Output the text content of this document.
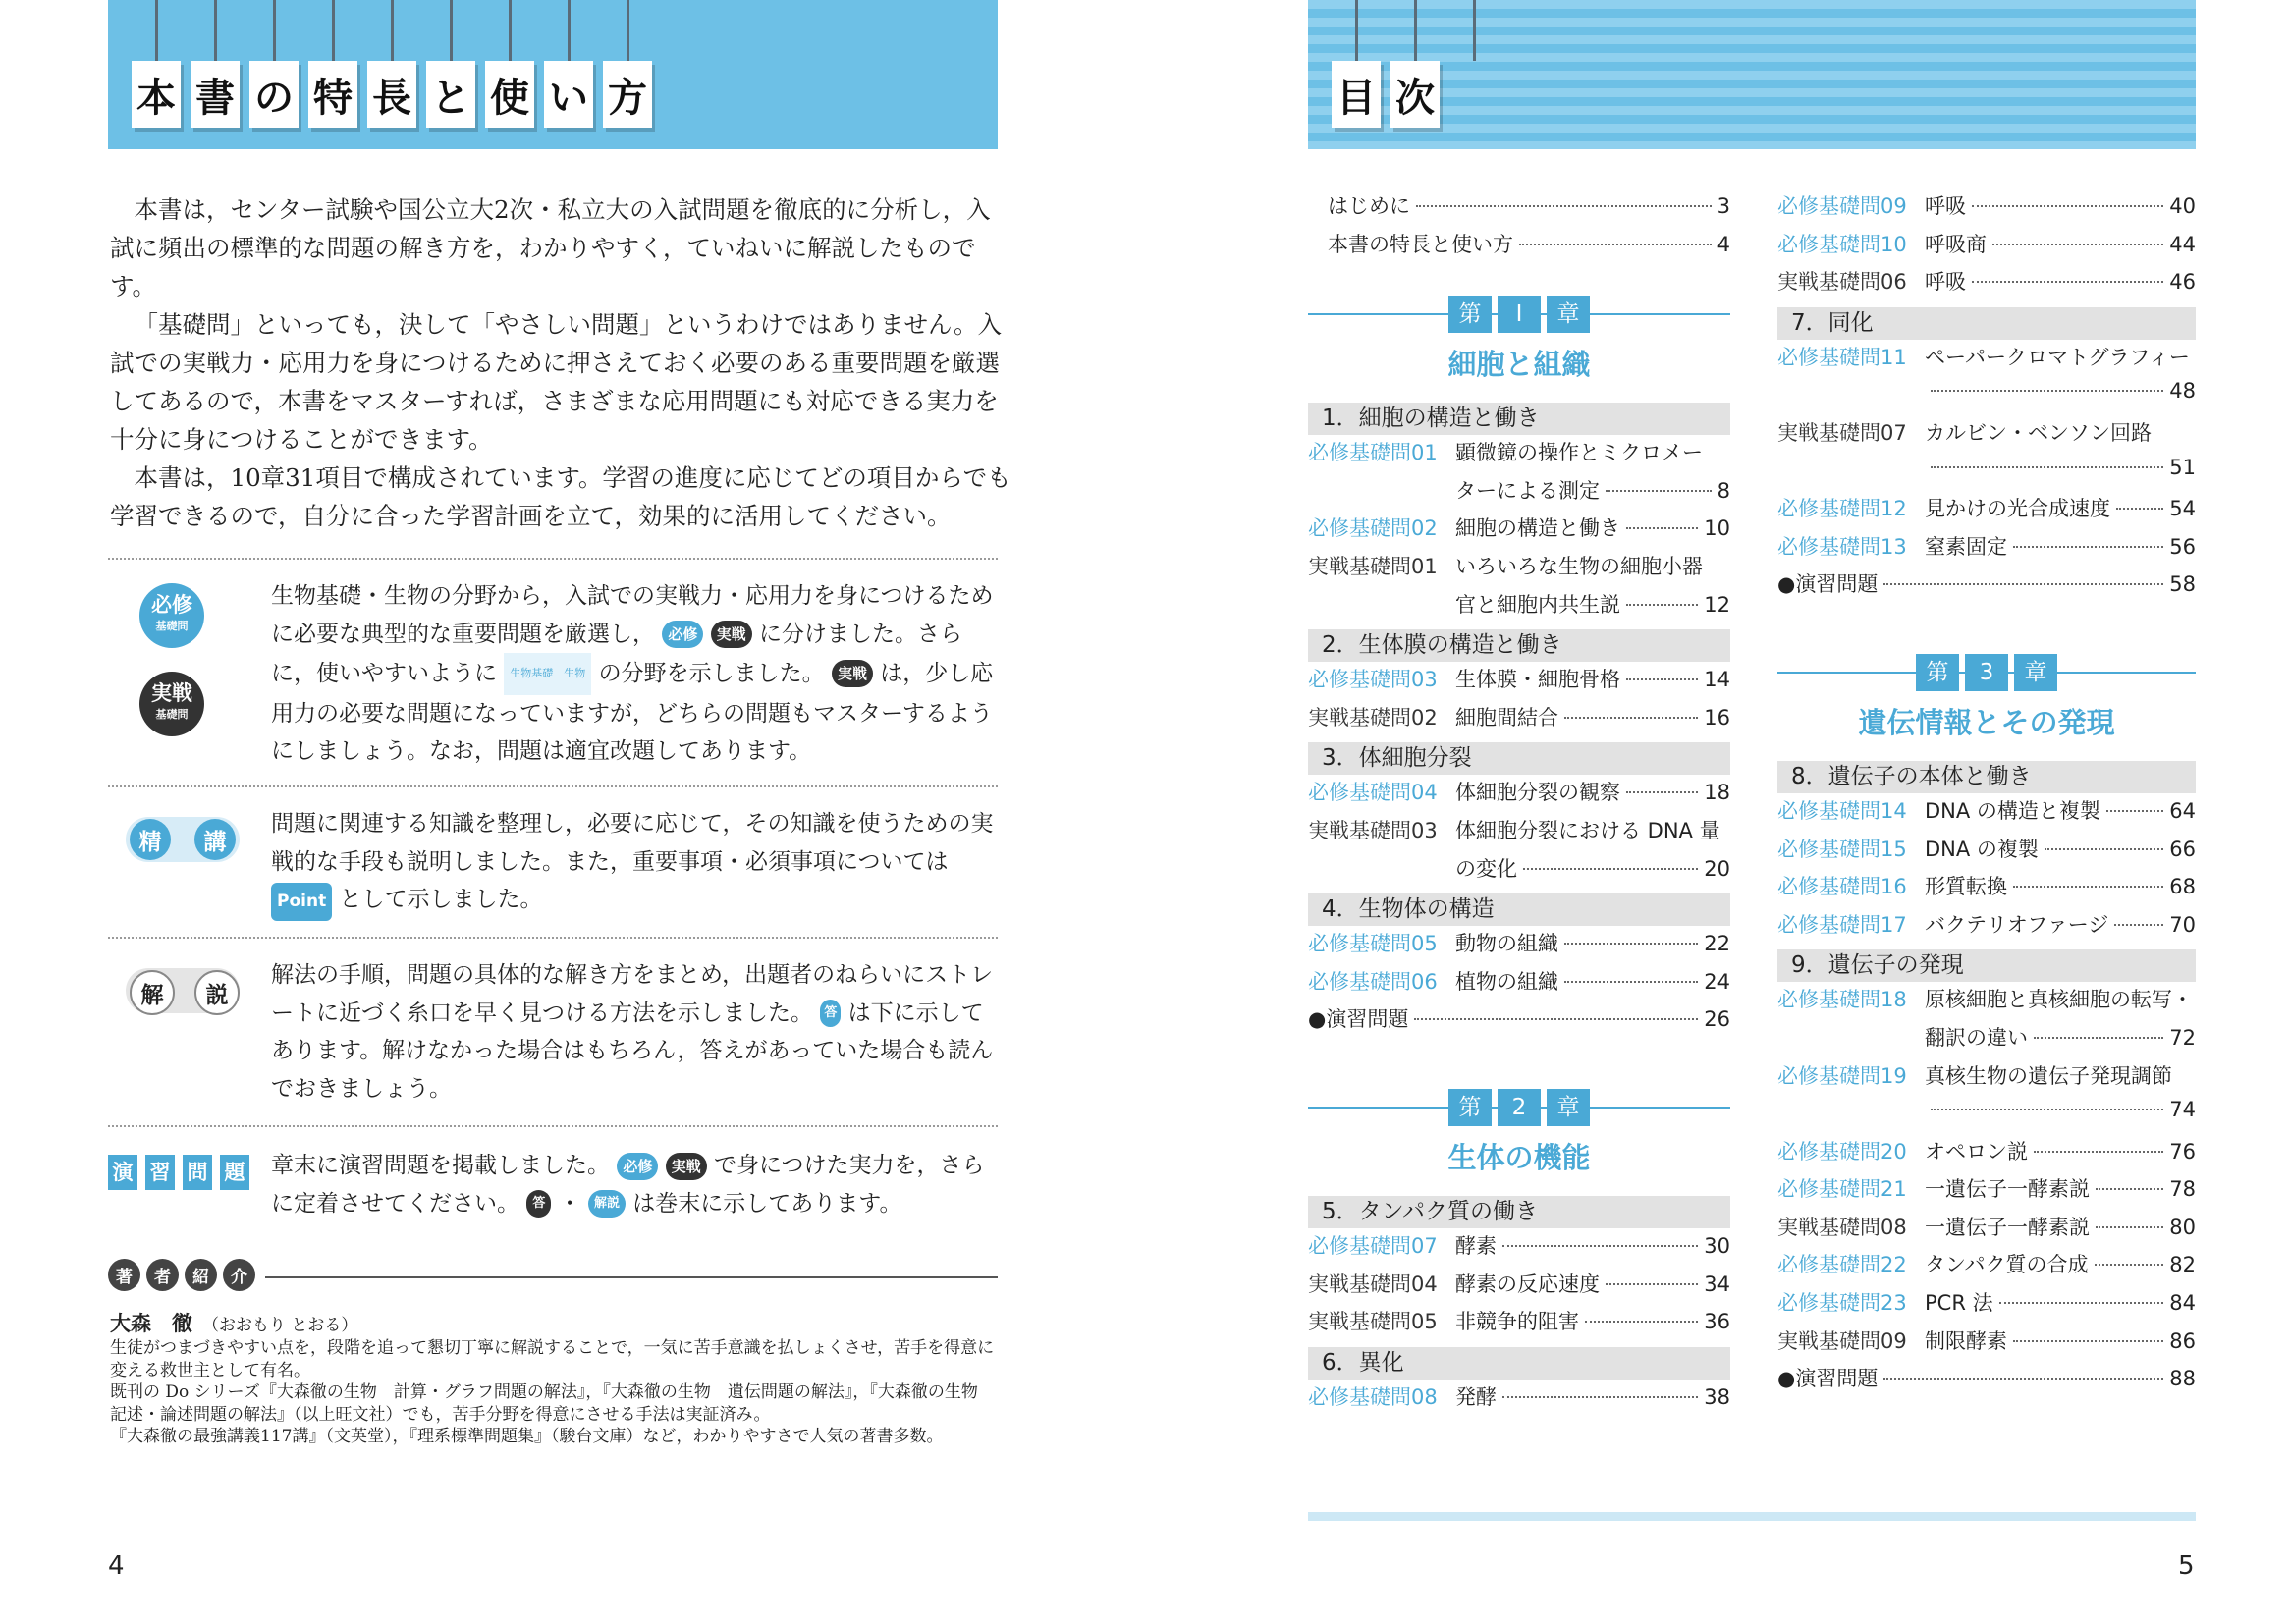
本 書 の 特 長 と 使 い 方

本書は，センター試験や国公立大2次・私立大の入試問題を徹底的に分析し，入試に頻出の標準的な問題の解き方を，わかりやすく，ていねいに解説したものです。

「基礎問」といっても，決して「やさしい問題」というわけではありません。入試での実戦力・応用力を身につけるために押さえておく必要のある重要問題を厳選してあるので，本書をマスターすれば，さまざまな応用問題にも対応できる実力を十分に身につけることができます。

本書は，10章31項目で構成されています。学習の進度に応じてどの項目からでも学習できるので，自分に合った学習計画を立て，効果的に活用してください。

必修
基礎問
実戦
基礎問
生物基礎・生物の分野から，入試での実戦力・応用力を身につけるために必要な典型的な重要問題を厳選し， 必修 実戦 に分けました。さらに，使いやすいように 生物基礎　生物 の分野を示しました。 実戦 は，少し応用力の必要な問題になっていますが，どちらの問題もマスターするようにしましょう。なお，問題は適宜改題してあります。
精	講
問題に関連する知識を整理し，必要に応じて，その知識を使うための実戦的な手段も説明しました。また，重要事項・必須事項については Point として示しました。
解	説
解法の手順，問題の具体的な解き方をまとめ，出題者のねらいにストレートに近づく糸口を早く見つける方法を示しました。 答 は下に示してあります。解けなかった場合はもちろん，答えがあっていた場合も読んでおきましょう。
演 習 問 題 章末に演習問題を掲載しました。 必修 実戦 で身につけた実力を，さらに定着させてください。 答 ・ 解説 は巻末に示してあります。
著	者	紹	介
大森　徹 （おおもり とおる）

生徒がつまづきやすい点を，段階を追って懇切丁寧に解説することで，一気に苦手意識を払しょくさせ，苦手を得意に変える救世主として有名。

既刊の Do シリーズ『大森徹の生物　計算・グラフ問題の解法』，『大森徹の生物　遺伝問題の解法』，『大森徹の生物　記述・論述問題の解法』（以上旺文社）でも，苦手分野を得意にさせる手法は実証済み。

『大森徹の最強講義117講』（文英堂），『理系標準問題集』（駿台文庫）など，わかりやすさで人気の著書多数。

4
目 次
はじめに	3
本書の特長と使い方	4
第	Ⅰ	章
細胞と組織
1．細胞の構造と働き
必修基礎問01 顕微鏡の操作とミクロメー
ターによる測定	8
必修基礎問02 細胞の構造と働き	10
実戦基礎問01 いろいろな生物の細胞小器
官と細胞内共生説	12
2．生体膜の構造と働き
必修基礎問03 生体膜・細胞骨格	14
実戦基礎問02 細胞間結合	16
3．体細胞分裂
必修基礎問04 体細胞分裂の観察	18
実戦基礎問03 体細胞分裂における DNA 量
の変化	20
4．生物体の構造
必修基礎問05 動物の組織	22
必修基礎問06 植物の組織	24
●演習問題	26
第	2	章
生体の機能
5．タンパク質の働き
必修基礎問07 酵素	30
実戦基礎問04 酵素の反応速度	34
実戦基礎問05 非競争的阻害	36
6．異化
必修基礎問08 発酵	38
必修基礎問09 呼吸	40
必修基礎問10 呼吸商	44
実戦基礎問06 呼吸	46
7．同化
必修基礎問11 ペーパークロマトグラフィー
48
実戦基礎問07 カルビン・ベンソン回路
51
必修基礎問12 見かけの光合成速度	54
必修基礎問13 窒素固定	56
●演習問題	58
第	3	章
遺伝情報とその発現
8．遺伝子の本体と働き
必修基礎問14 DNA の構造と複製	64
必修基礎問15 DNA の複製	66
必修基礎問16 形質転換	68
必修基礎問17 バクテリオファージ	70
9．遺伝子の発現
必修基礎問18 原核細胞と真核細胞の転写・
翻訳の違い	72
必修基礎問19 真核生物の遺伝子発現調節
74
必修基礎問20 オペロン説	76
必修基礎問21 一遺伝子一酵素説	78
実戦基礎問08 一遺伝子一酵素説	80
必修基礎問22 タンパク質の合成	82
必修基礎問23 PCR 法	84
実戦基礎問09 制限酵素	86
●演習問題	88
5
